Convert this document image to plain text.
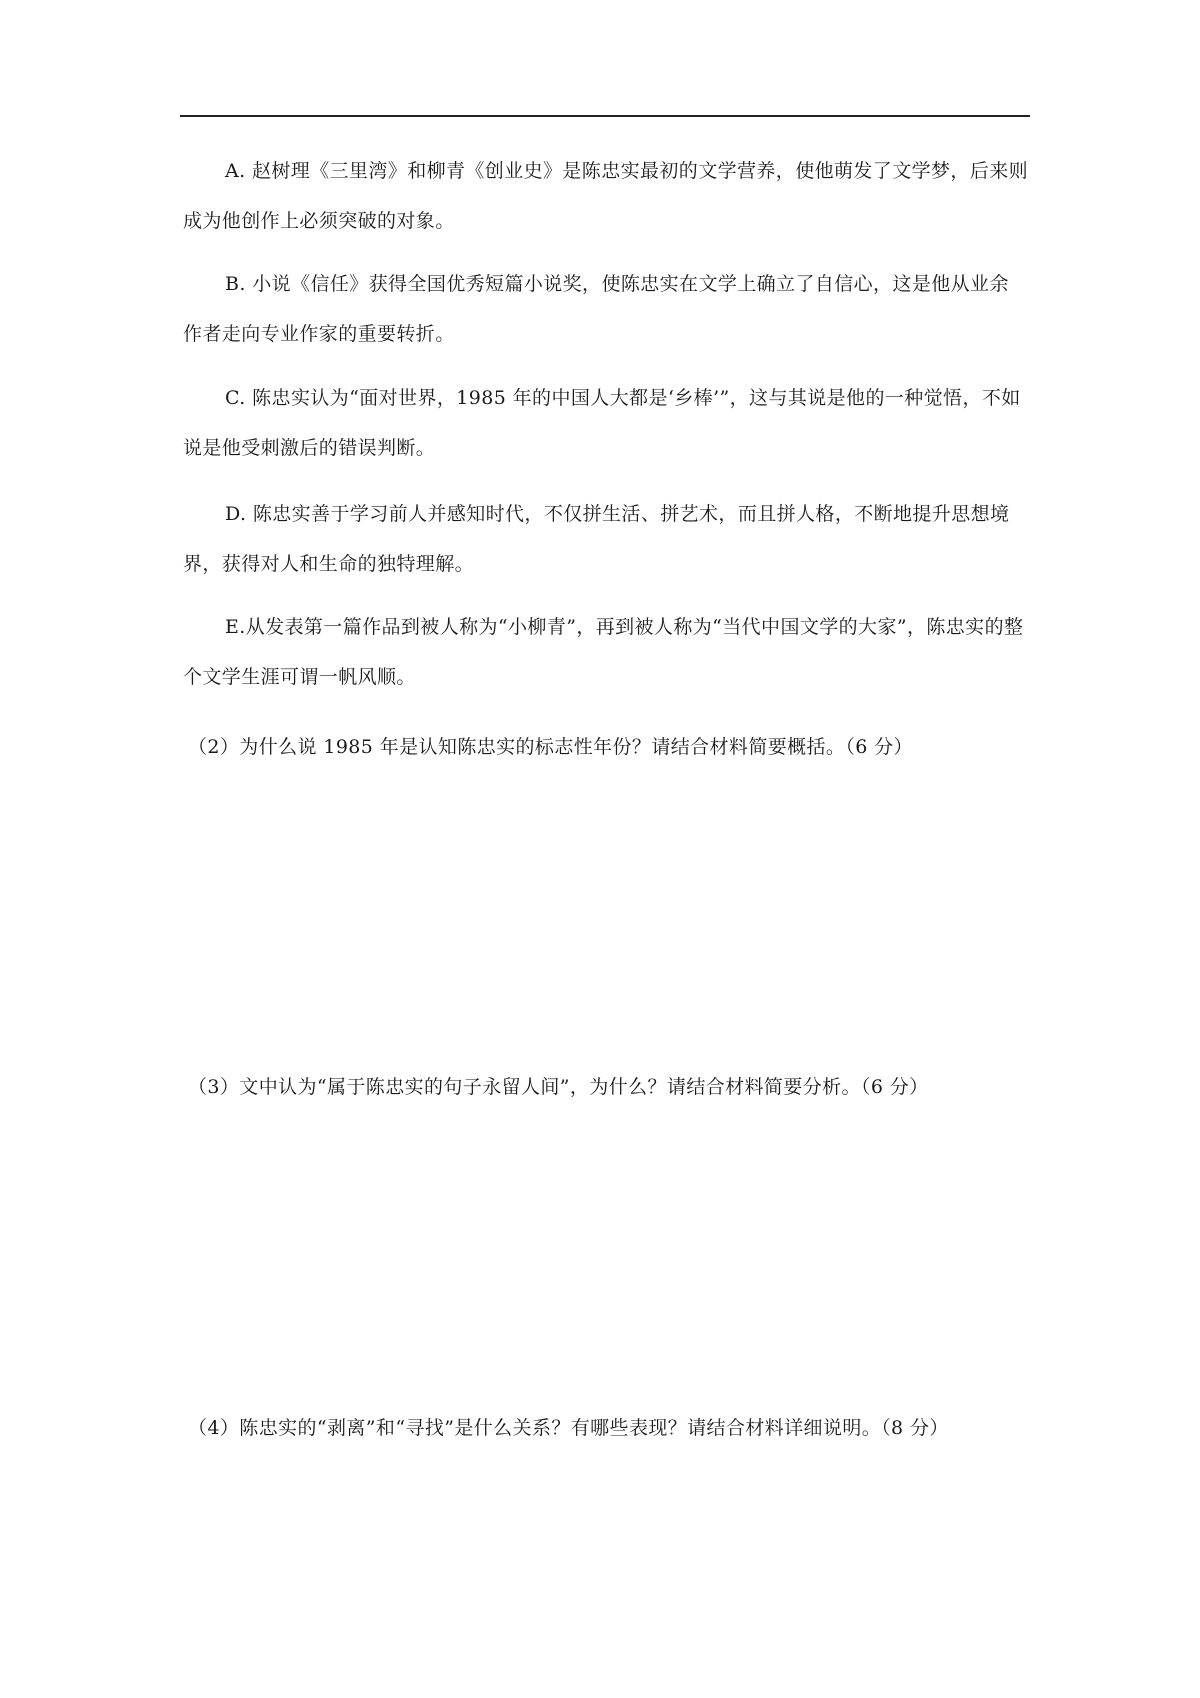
A. 赵树理《三里湾》和柳青《创业史》是陈忠实最初的文学营养，使他萌发了文学梦，后来则成为他创作上必须突破的对象。

B. 小说《信任》获得全国优秀短篇小说奖，使陈忠实在文学上确立了自信心，这是他从业余作者走向专业作家的重要转折。

C. 陈忠实认为“面对世界，1985 年的中国人大都是‘乡棒’”，这与其说是他的一种觉悟，不如说是他受刺激后的错误判断。

D. 陈忠实善于学习前人并感知时代，不仅拼生活、拼艺术，而且拼人格，不断地提升思想境界，获得对人和生命的独特理解。

E.从发表第一篇作品到被人称为“小柳青”，再到被人称为“当代中国文学的大家”，陈忠实的整个文学生涯可谓一帆风顺。

（2）为什么说 1985 年是认知陈忠实的标志性年份？请结合材料简要概括。（6 分）

（3）文中认为“属于陈忠实的句子永留人间”，为什么？请结合材料简要分析。（6 分）

（4）陈忠实的“剥离”和“寻找”是什么关系？有哪些表现？请结合材料详细说明。（8 分）
